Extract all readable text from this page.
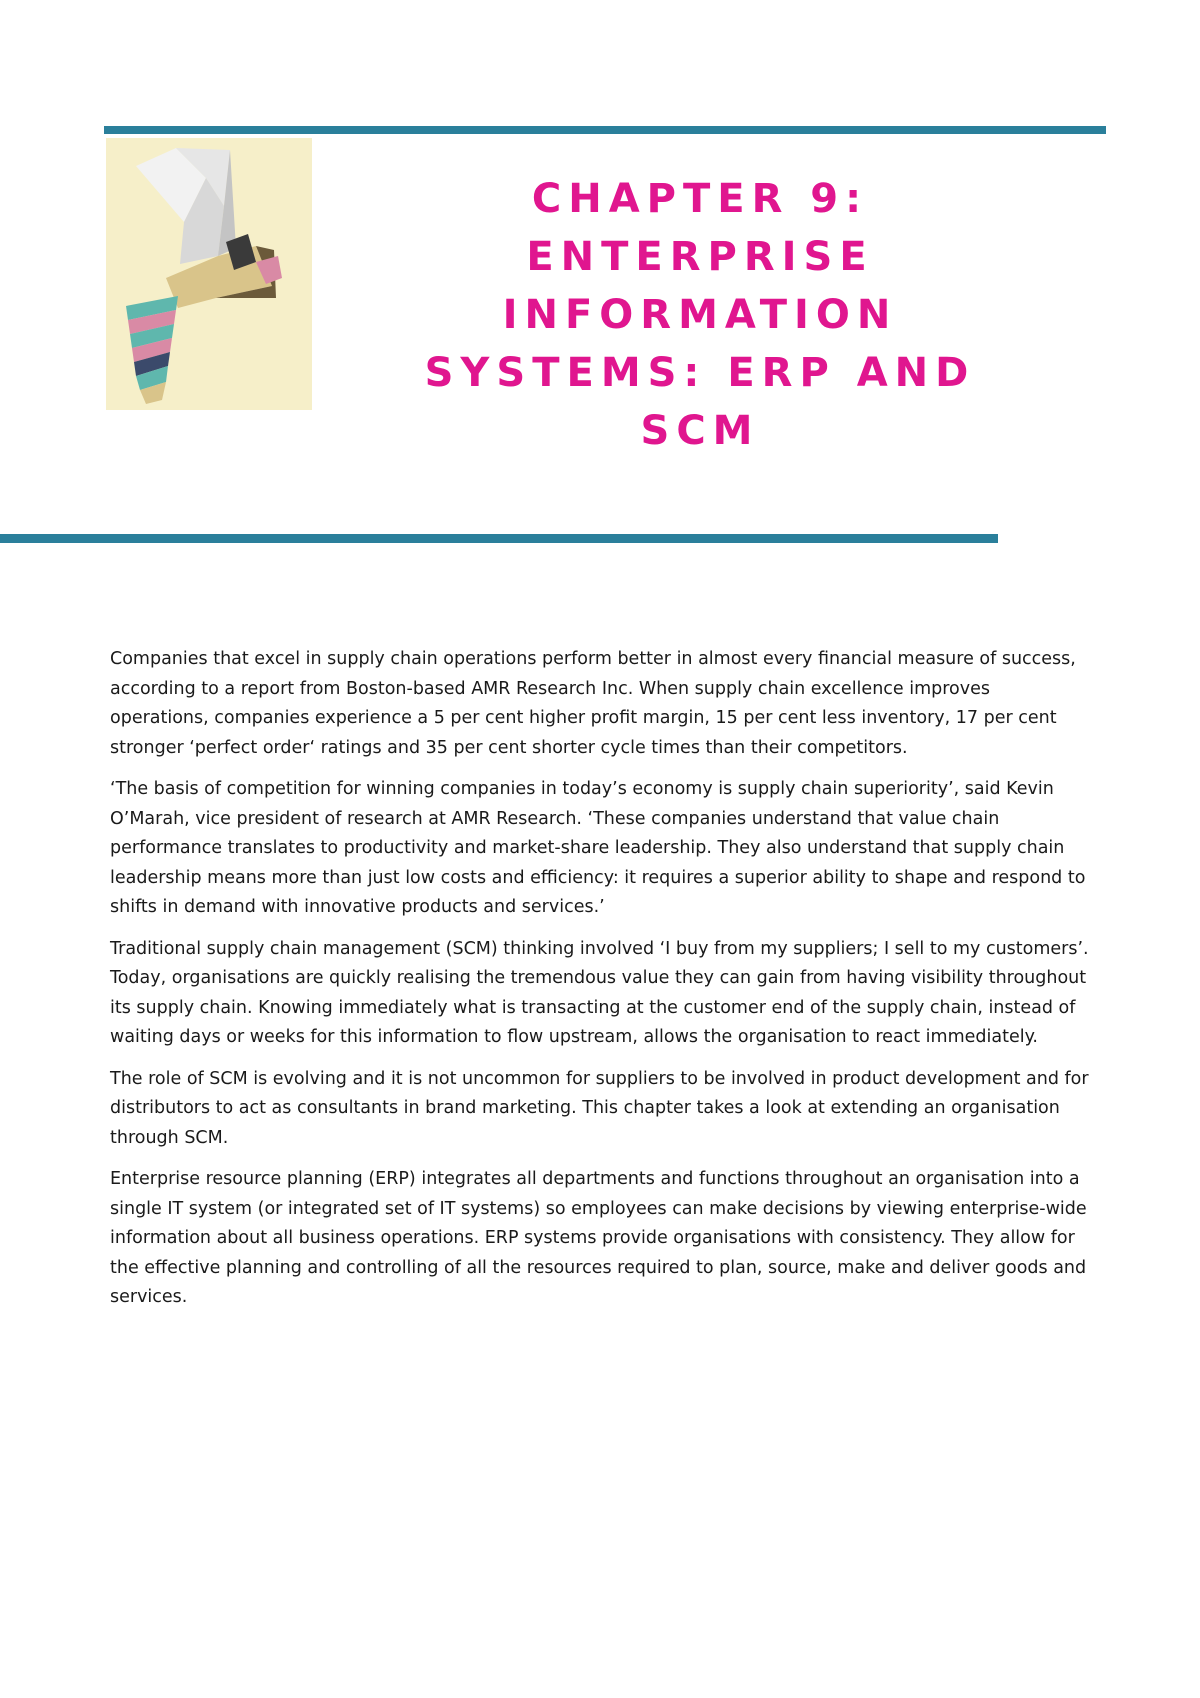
CHAPTER 9:
ENTERPRISE
INFORMATION
SYSTEMS: ERP AND
SCM

Companies that excel in supply chain operations perform better in almost every financial measure of success, according to a report from Boston-based AMR Research Inc. When supply chain excellence improves operations, companies experience a 5 per cent higher profit margin, 15 per cent less inventory, 17 per cent stronger ‘perfect order‘ ratings and 35 per cent shorter cycle times than their competitors.

‘The basis of competition for winning companies in today’s economy is supply chain superiority’, said Kevin O’Marah, vice president of research at AMR Research. ‘These companies understand that value chain performance translates to productivity and market-share leadership. They also understand that supply chain leadership means more than just low costs and efficiency: it requires a superior ability to shape and respond to shifts in demand with innovative products and services.’

Traditional supply chain management (SCM) thinking involved ‘I buy from my suppliers; I sell to my customers’. Today, organisations are quickly realising the tremendous value they can gain from having visibility throughout its supply chain. Knowing immediately what is transacting at the customer end of the supply chain, instead of waiting days or weeks for this information to flow upstream, allows the organisation to react immediately.

The role of SCM is evolving and it is not uncommon for suppliers to be involved in product development and for distributors to act as consultants in brand marketing. This chapter takes a look at extending an organisation through SCM.

Enterprise resource planning (ERP) integrates all departments and functions throughout an organisation into a single IT system (or integrated set of IT systems) so employees can make decisions by viewing enterprise-wide information about all business operations. ERP systems provide organisations with consistency. They allow for the effective planning and controlling of all the resources required to plan, source, make and deliver goods and services.
